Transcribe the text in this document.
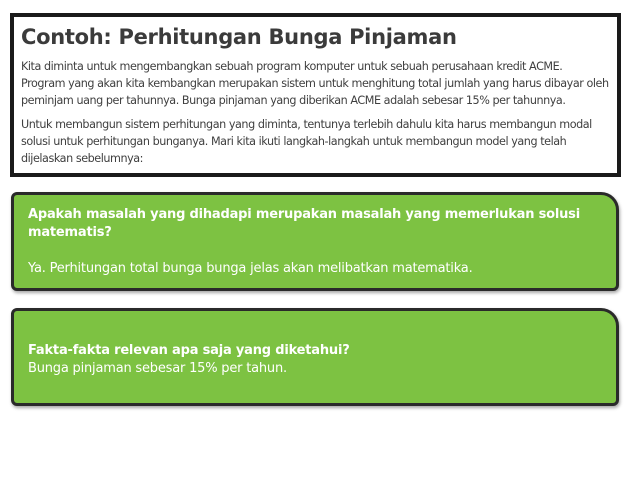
Contoh: Perhitungan Bunga Pinjaman

Kita diminta untuk mengembangkan sebuah program komputer untuk sebuah perusahaan kredit ACME. Program yang akan kita kembangkan merupakan sistem untuk menghitung total jumlah yang harus dibayar oleh peminjam uang per tahunnya. Bunga pinjaman yang diberikan ACME adalah sebesar 15% per tahunnya.

Untuk membangun sistem perhitungan yang diminta, tentunya terlebih dahulu kita harus membangun modal solusi untuk perhitungan bunganya. Mari kita ikuti langkah-langkah untuk membangun model yang telah dijelaskan sebelumnya:

Apakah masalah yang dihadapi merupakan masalah yang memerlukan solusi matematis?
Ya. Perhitungan total bunga bunga jelas akan melibatkan matematika.
Fakta-fakta relevan apa saja yang diketahui?
Bunga pinjaman sebesar 15% per tahun.
